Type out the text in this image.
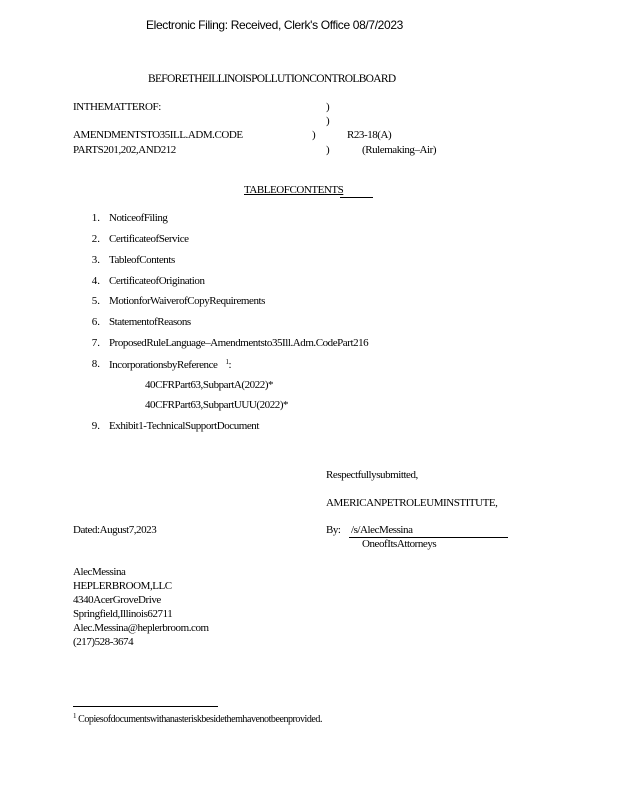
Electronic Filing: Received, Clerk's Office 08/7/2023
BEFORETHEILLINOISPOLLUTIONCONTROLBOARD
INTHEMATTEROF:	)
)
AMENDMENTSTO35ILL.ADM.CODE	)	R23-18(A)
PARTS201,202,AND212	)	(Rulemaking–Air)
TABLEOFCONTENTS
1. NoticeofFiling
2. CertificateofService
3. TableofContents
4. CertificateofOrigination
5. MotionforWaiverofCopyRequirements
6. StatementofReasons
7. ProposedRuleLanguage–Amendmentsto35Ill.Adm.CodePart216
8. IncorporationsbyReference $^1$:
40CFRPart63,SubpartA(2022)*
40CFRPart63,SubpartUUU(2022)*
9. Exhibit1-TechnicalSupportDocument
Respectfullysubmitted,
AMERICANPETROLEUMINSTITUTE,
Dated:August7,2023	By: /s/AlecMessina
OneofItsAttorneys
AlecMessina
HEPLERBROOM,LLC
4340AcerGroveDrive
Springfield,Illinois62711
Alec.Messina@heplerbroom.com
(217)528-3674
$^1$ Copiesofdocumentswithanasteriskbesidethemhavenotbeenprovided.
